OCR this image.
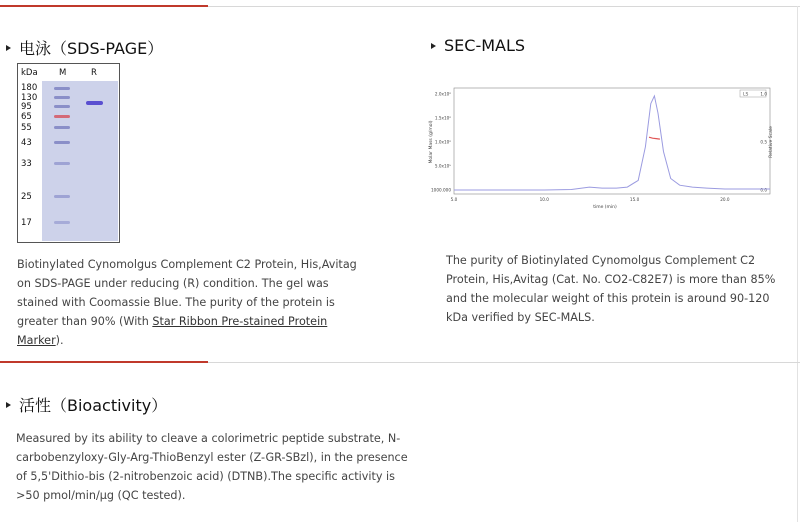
电泳（SDS-PAGE）
kDa	M	R
180
130
95
65
55
43
33
25
17
Biotinylated Cynomolgus Complement C2 Protein, His,Avitag on SDS-PAGE under reducing (R) condition. The gel was stained with Coomassie Blue. The purity of the protein is greater than 90% (With Star Ribbon Pre-stained Protein Marker).
SEC-MALS
LS
time (min)
Molar Mass (g/mol)	Relative Scale
5.0	10.0	15.0	20.0
1000.000
5.0x10⁵
1.0x10⁶
1.5x10⁶
2.0x10⁶
0.0
0.5
1.0
The purity of Biotinylated Cynomolgus Complement C2 Protein, His,Avitag (Cat. No. CO2-C82E7) is more than 85% and the molecular weight of this protein is around 90-120 kDa verified by SEC-MALS.
活性（Bioactivity）
Measured by its ability to cleave a colorimetric peptide substrate, N-carbobenzyloxy-Gly-Arg-ThioBenzyl ester (Z-GR-SBzl), in the presence of 5,5'Dithio-bis (2-nitrobenzoic acid) (DTNB).The specific activity is >50 pmol/min/µg (QC tested).
